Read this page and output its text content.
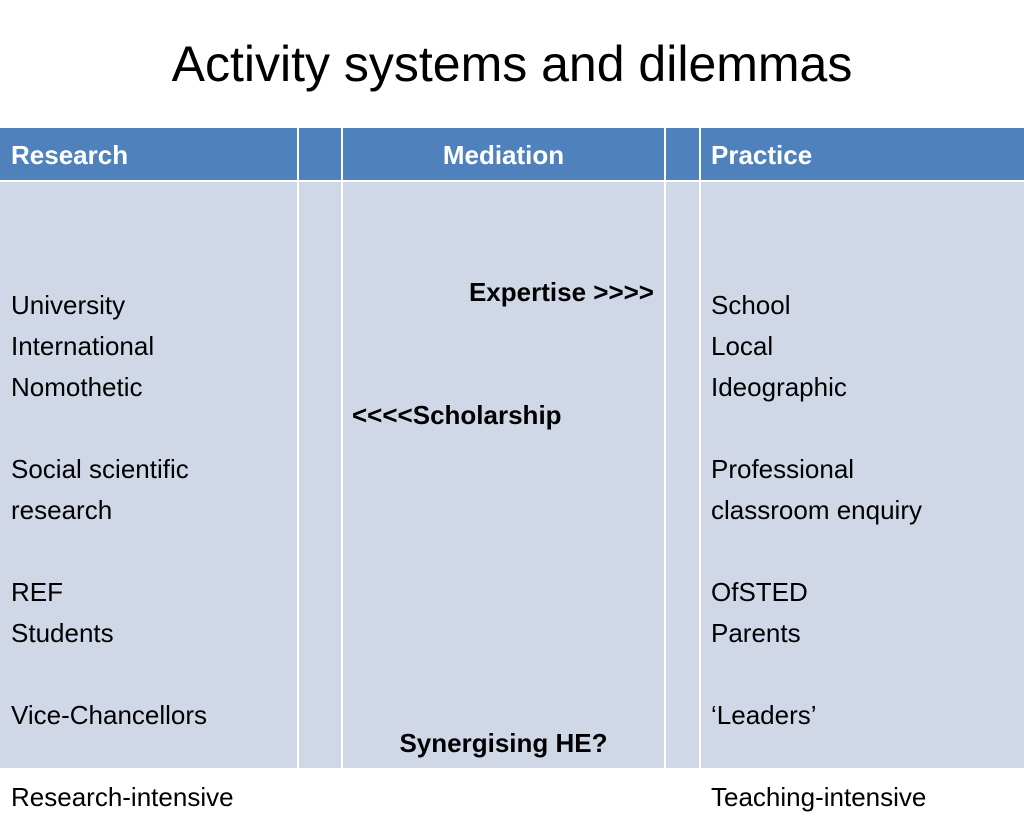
Activity systems and dilemmas
Research
University
International
Nomothetic
Social scientific
research
REF
Students
Vice-Chancellors
Research-intensive
Mediation
Expertise >>>>
<<<<Scholarship
Synergising HE?
Practice
School
Local
Ideographic
Professional
classroom enquiry
OfSTED
Parents
‘Leaders’
Teaching-intensive
